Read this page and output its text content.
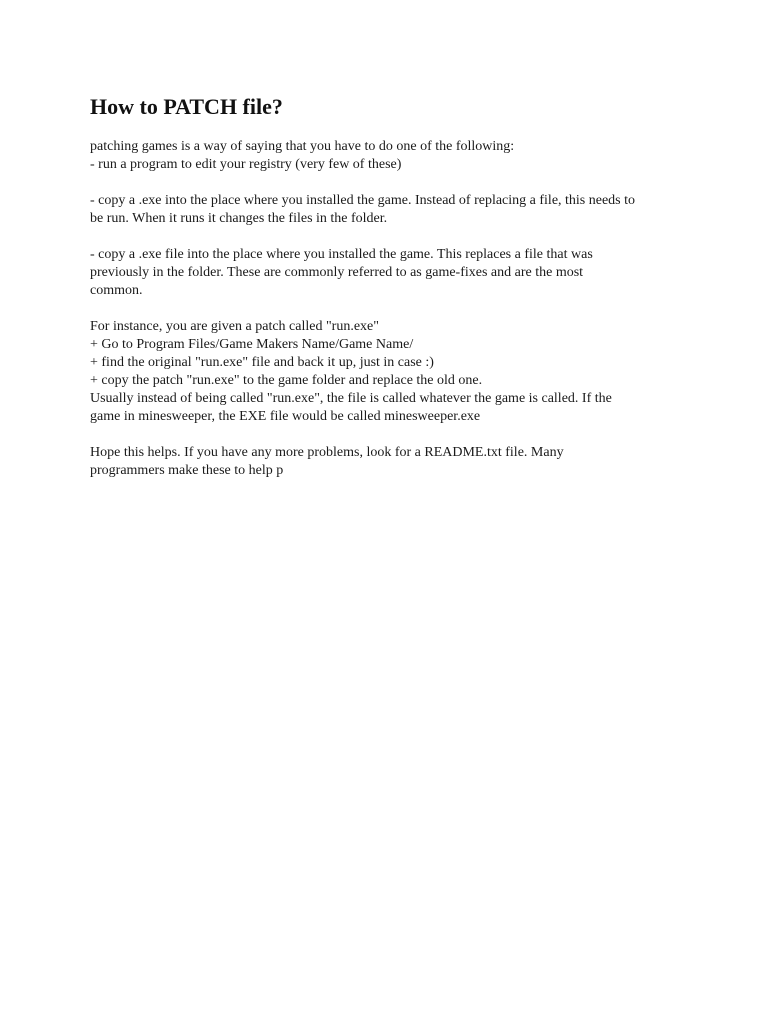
How to PATCH file?
patching games is a way of saying that you have to do one of the following:
- run a program to edit your registry (very few of these)
- copy a .exe into the place where you installed the game. Instead of replacing a file, this needs to
be run. When it runs it changes the files in the folder.
- copy a .exe file into the place where you installed the game. This replaces a file that was
previously in the folder. These are commonly referred to as game-fixes and are the most
common.
For instance, you are given a patch called "run.exe"
+ Go to Program Files/Game Makers Name/Game Name/
+ find the original "run.exe" file and back it up, just in case :)
+ copy the patch "run.exe" to the game folder and replace the old one.
Usually instead of being called "run.exe", the file is called whatever the game is called. If the
game in minesweeper, the EXE file would be called minesweeper.exe
Hope this helps. If you have any more problems, look for a README.txt file. Many
programmers make these to help p
